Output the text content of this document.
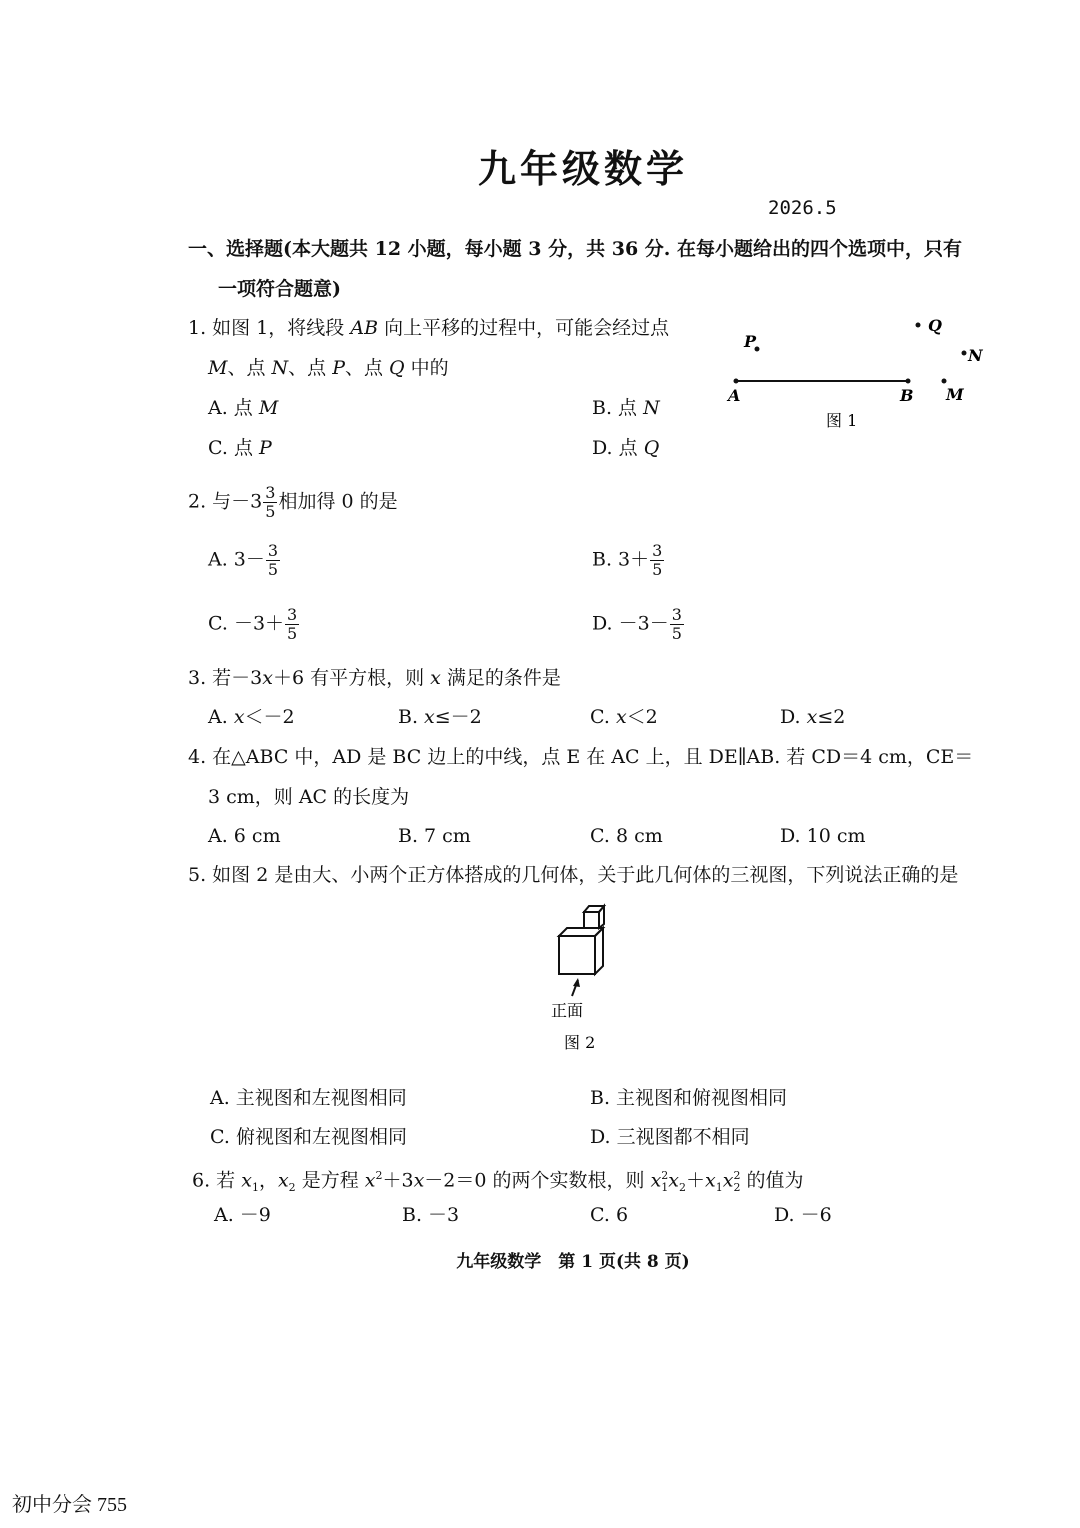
九年级数学
2026.5
一、选择题(本大题共 12 小题，每小题 3 分，共 36 分. 在每小题给出的四个选项中，只有
一项符合题意)
1. 如图 1，将线段 AB 向上平移的过程中，可能会经过点
M、点 N、点 P、点 Q 中的
A. 点 M	B. 点 N
C. 点 P	D. 点 Q
P
Q
N
M
A	B
图 1
2. 与$-3 \frac{3}{5}$ 相加得 0 的是
A. $3- \frac{3}{5}$	B. $3+ \frac{3}{5}$
C. $-3+ \frac{3}{5}$	D. $-3- \frac{3}{5}$
3. 若－3x＋6 有平方根，则 x 满足的条件是
A. x＜－2	B. x≤－2	C. x＜2	D. x≤2
4. 在△ABC 中，AD 是 BC 边上的中线，点 E 在 AC 上，且 DE∥AB. 若 CD＝4 cm，CE＝
3 cm，则 AC 的长度为
A. 6 cm	B. 7 cm	C. 8 cm	D. 10 cm
5. 如图 2 是由大、小两个正方体搭成的几何体，关于此几何体的三视图，下列说法正确的是
正面
图 2
A. 主视图和左视图相同	B. 主视图和俯视图相同
C. 俯视图和左视图相同	D. 三视图都不相同
6. 若 $x_1$，$x_2$ 是方程 $x^2+3x-2=0$ 的两个实数根，则 $x^2_1x_2+x_1x^2_2$ 的值为
A. －9	B. －3	C. 6	D. －6
九年级数学　第 1 页(共 8 页)
初中分会 755
